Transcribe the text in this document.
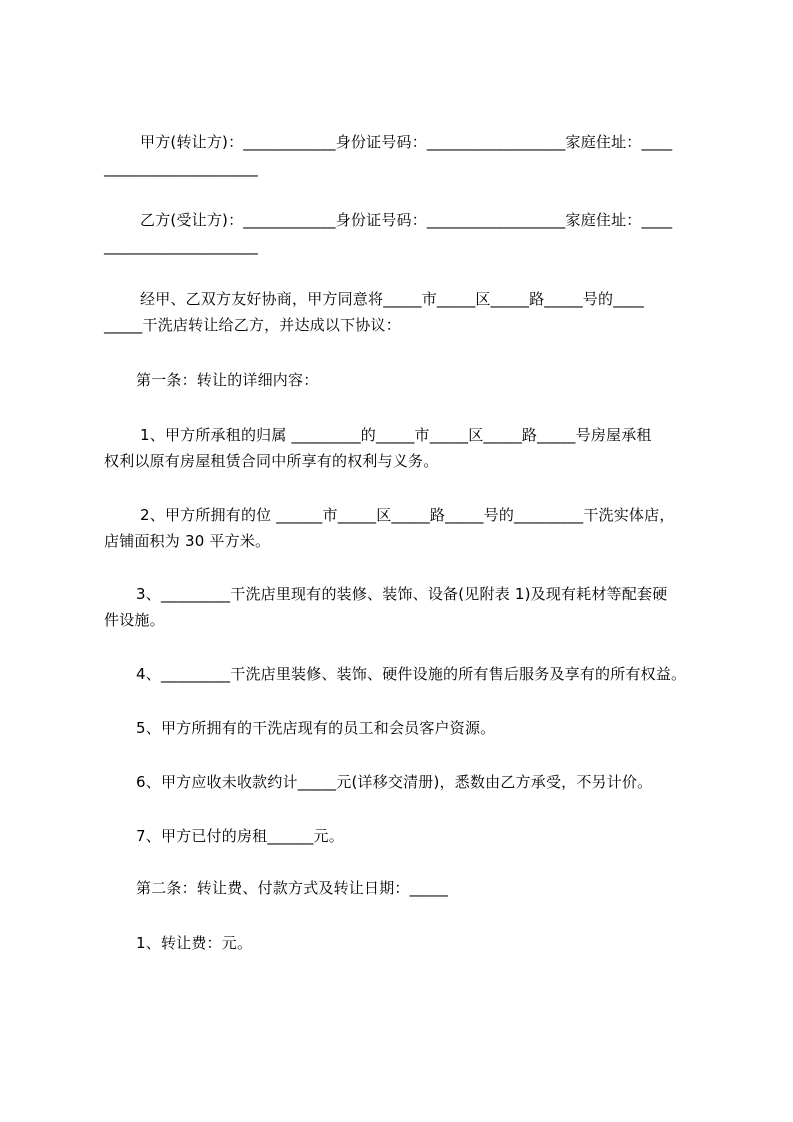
甲方(转让方)：____________身份证号码：__________________家庭住址：____
____________________
乙方(受让方)：____________身份证号码：__________________家庭住址：____
____________________
经甲、乙双方友好协商，甲方同意将_____市_____区_____路_____号的____
_____干洗店转让给乙方，并达成以下协议：
第一条：转让的详细内容：
1、甲方所承租的归属 _________的_____市_____区_____路_____号房屋承租
权利以原有房屋租赁合同中所享有的权利与义务。
2、甲方所拥有的位 ______市_____区_____路_____号的_________干洗实体店，
店铺面积为 30 平方米。
3、_________干洗店里现有的装修、装饰、设备(见附表 1)及现有耗材等配套硬
件设施。
4、_________干洗店里装修、装饰、硬件设施的所有售后服务及享有的所有权益。
5、甲方所拥有的干洗店现有的员工和会员客户资源。
6、甲方应收未收款约计_____元(详移交清册)，悉数由乙方承受，不另计价。
7、甲方已付的房租______元。
第二条：转让费、付款方式及转让日期：_____
1、转让费：元。
